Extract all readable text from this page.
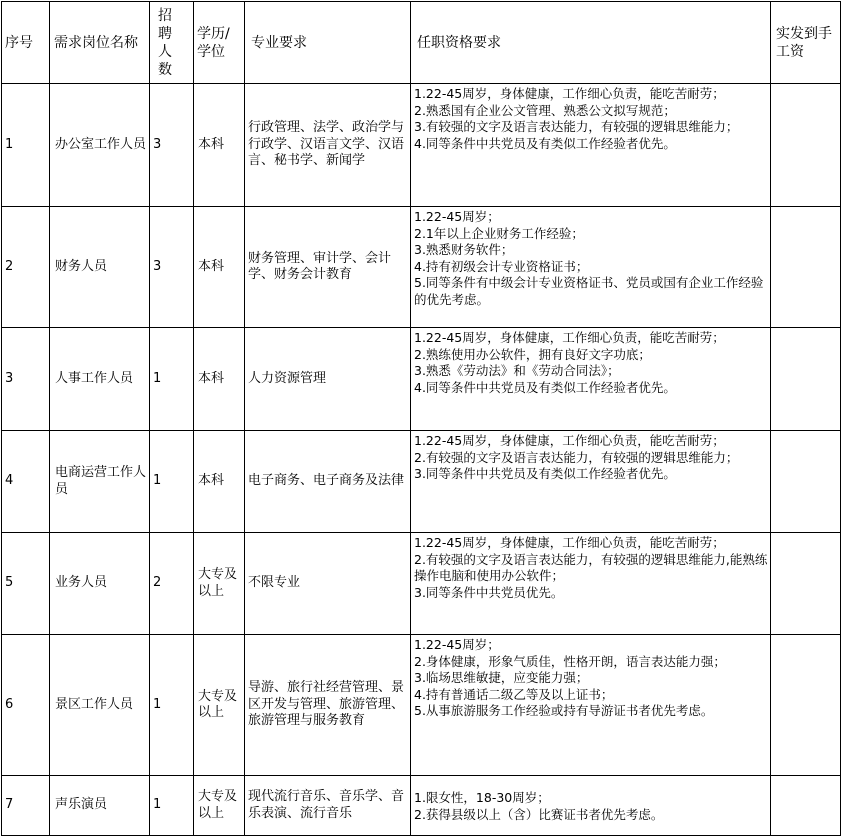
序号	需求岗位名称	招聘人数	学历/学位	专业要求	任职资格要求	实发到手工资
1	办公室工作人员	3	本科	行政管理、法学、政治学与行政学、汉语言文学、汉语言、秘书学、新闻学	1.22-45周岁，身体健康，工作细心负责，能吃苦耐劳；
2.熟悉国有企业公文管理、熟悉公文拟写规范；
3.有较强的文字及语言表达能力，有较强的逻辑思维能力；
4.同等条件中共党员及有类似工作经验者优先。	

2	财务人员	3	本科	财务管理、审计学、会计学、财务会计教育	1.22-45周岁；
2.1年以上企业财务工作经验；
3.熟悉财务软件；
4.持有初级会计专业资格证书；
5.同等条件有中级会计专业资格证书、党员或国有企业工作经验的优先考虑。	

3	人事工作人员	1	本科	人力资源管理	1.22-45周岁，身体健康，工作细心负责，能吃苦耐劳；
2.熟练使用办公软件，拥有良好文字功底；
3.熟悉《劳动法》和《劳动合同法》；
4.同等条件中共党员及有类似工作经验者优先。	

4	电商运营工作人员	1	本科	电子商务、电子商务及法律	1.22-45周岁，身体健康，工作细心负责，能吃苦耐劳；
2.有较强的文字及语言表达能力，有较强的逻辑思维能力；
3.同等条件中共党员及有类似工作经验者优先。	

5	业务人员	2	大专及以上	不限专业	1.22-45周岁，身体健康，工作细心负责，能吃苦耐劳；
2.有较强的文字及语言表达能力，有较强的逻辑思维能力,能熟练操作电脑和使用办公软件；
3.同等条件中共党员优先。	

6	景区工作人员	1	大专及以上	导游、旅行社经营管理、景区开发与管理、旅游管理、旅游管理与服务教育	1.22-45周岁；
2.身体健康，形象气质佳，性格开朗，语言表达能力强；
3.临场思维敏捷，应变能力强；
4.持有普通话二级乙等及以上证书；
5.从事旅游服务工作经验或持有导游证书者优先考虑。	

7	声乐演员	1	大专及以上	现代流行音乐、音乐学、音乐表演、流行音乐	1.限女性，18-30周岁；
2.获得县级以上（含）比赛证书者优先考虑。	
